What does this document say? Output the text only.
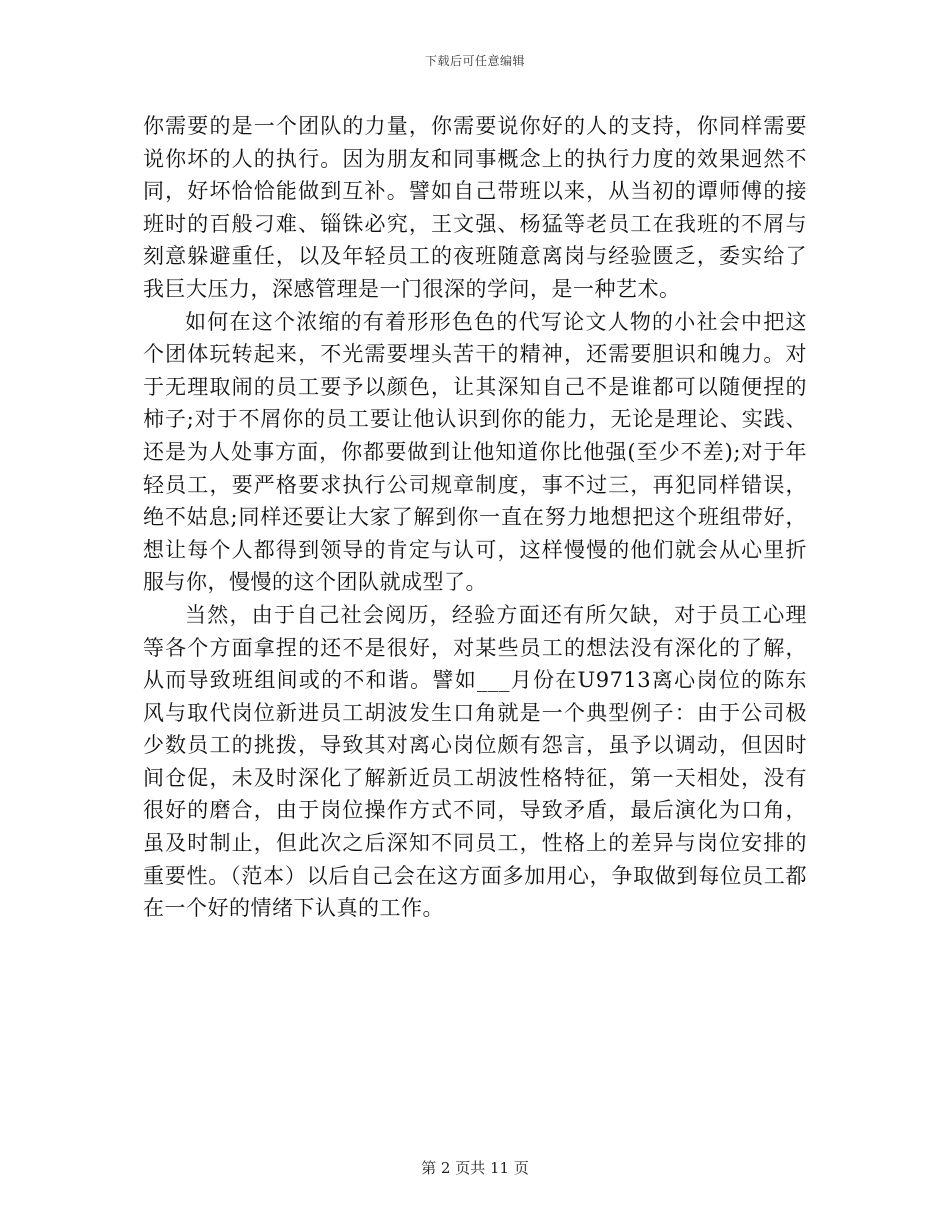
下载后可任意编辑

你需要的是一个团队的力量，你需要说你好的人的支持，你同样需要说你坏的人的执行。因为朋友和同事概念上的执行力度的效果迥然不同，好坏恰恰能做到互补。譬如自己带班以来，从当初的谭师傅的接班时的百般刁难、锱铢必究，王文强、杨猛等老员工在我班的不屑与刻意躲避重任，以及年轻员工的夜班随意离岗与经验匮乏，委实给了我巨大压力，深感管理是一门很深的学问，是一种艺术。

如何在这个浓缩的有着形形色色的代写论文人物的小社会中把这个团体玩转起来，不光需要埋头苦干的精神，还需要胆识和魄力。对于无理取闹的员工要予以颜色，让其深知自己不是谁都可以随便捏的柿子;对于不屑你的员工要让他认识到你的能力，无论是理论、实践、还是为人处事方面，你都要做到让他知道你比他强(至少不差);对于年轻员工，要严格要求执行公司规章制度，事不过三，再犯同样错误，绝不姑息;同样还要让大家了解到你一直在努力地想把这个班组带好，想让每个人都得到领导的肯定与认可，这样慢慢的他们就会从心里折服与你，慢慢的这个团队就成型了。

当然，由于自己社会阅历，经验方面还有所欠缺，对于员工心理等各个方面拿捏的还不是很好，对某些员工的想法没有深化的了解，从而导致班组间或的不和谐。譬如___月份在U9713离心岗位的陈东风与取代岗位新进员工胡波发生口角就是一个典型例子：由于公司极少数员工的挑拨，导致其对离心岗位颇有怨言，虽予以调动，但因时间仓促，未及时深化了解新近员工胡波性格特征，第一天相处，没有很好的磨合，由于岗位操作方式不同，导致矛盾，最后演化为口角，虽及时制止，但此次之后深知不同员工，性格上的差异与岗位安排的重要性。（范本）以后自己会在这方面多加用心，争取做到每位员工都在一个好的情绪下认真的工作。

第 2 页共 11 页
